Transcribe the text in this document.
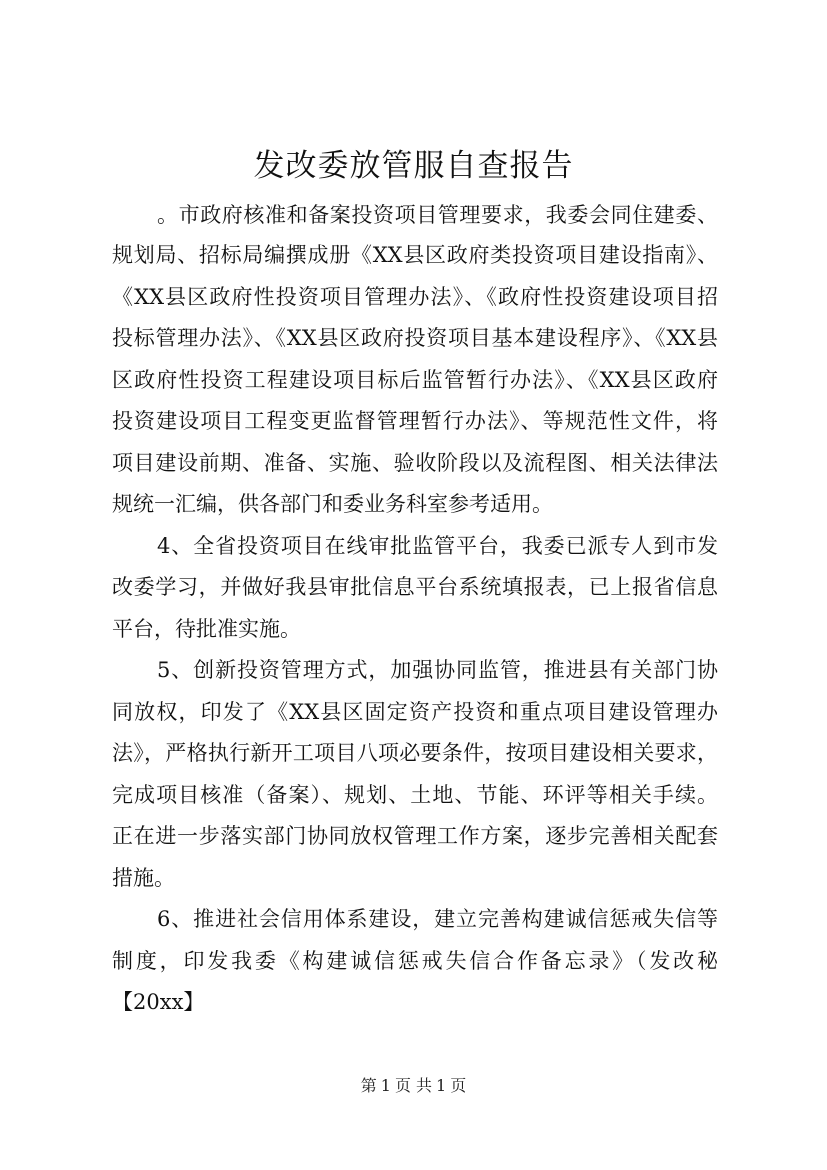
发改委放管服自查报告
。市政府核准和备案投资项目管理要求，我委会同住建委、
规划局、招标局编撰成册《XX县区政府类投资项目建设指南》、
《XX县区政府性投资项目管理办法》、《政府性投资建设项目招
投标管理办法》、《XX县区政府投资项目基本建设程序》、《XX县
区政府性投资工程建设项目标后监管暂行办法》、《XX县区政府
投资建设项目工程变更监督管理暂行办法》、等规范性文件，将
项目建设前期、准备、实施、验收阶段以及流程图、相关法律法
规统一汇编，供各部门和委业务科室参考适用。
4、全省投资项目在线审批监管平台，我委已派专人到市发
改委学习，并做好我县审批信息平台系统填报表，已上报省信息
平台，待批准实施。
5、创新投资管理方式，加强协同监管，推进县有关部门协
同放权，印发了《XX县区固定资产投资和重点项目建设管理办
法》，严格执行新开工项目八项必要条件，按项目建设相关要求，
完成项目核准（备案）、规划、土地、节能、环评等相关手续。
正在进一步落实部门协同放权管理工作方案，逐步完善相关配套
措施。
6、推进社会信用体系建设，建立完善构建诚信惩戒失信等
制度，印发我委《构建诚信惩戒失信合作备忘录》（发改秘
【20xx】
第 1 页 共 1 页
